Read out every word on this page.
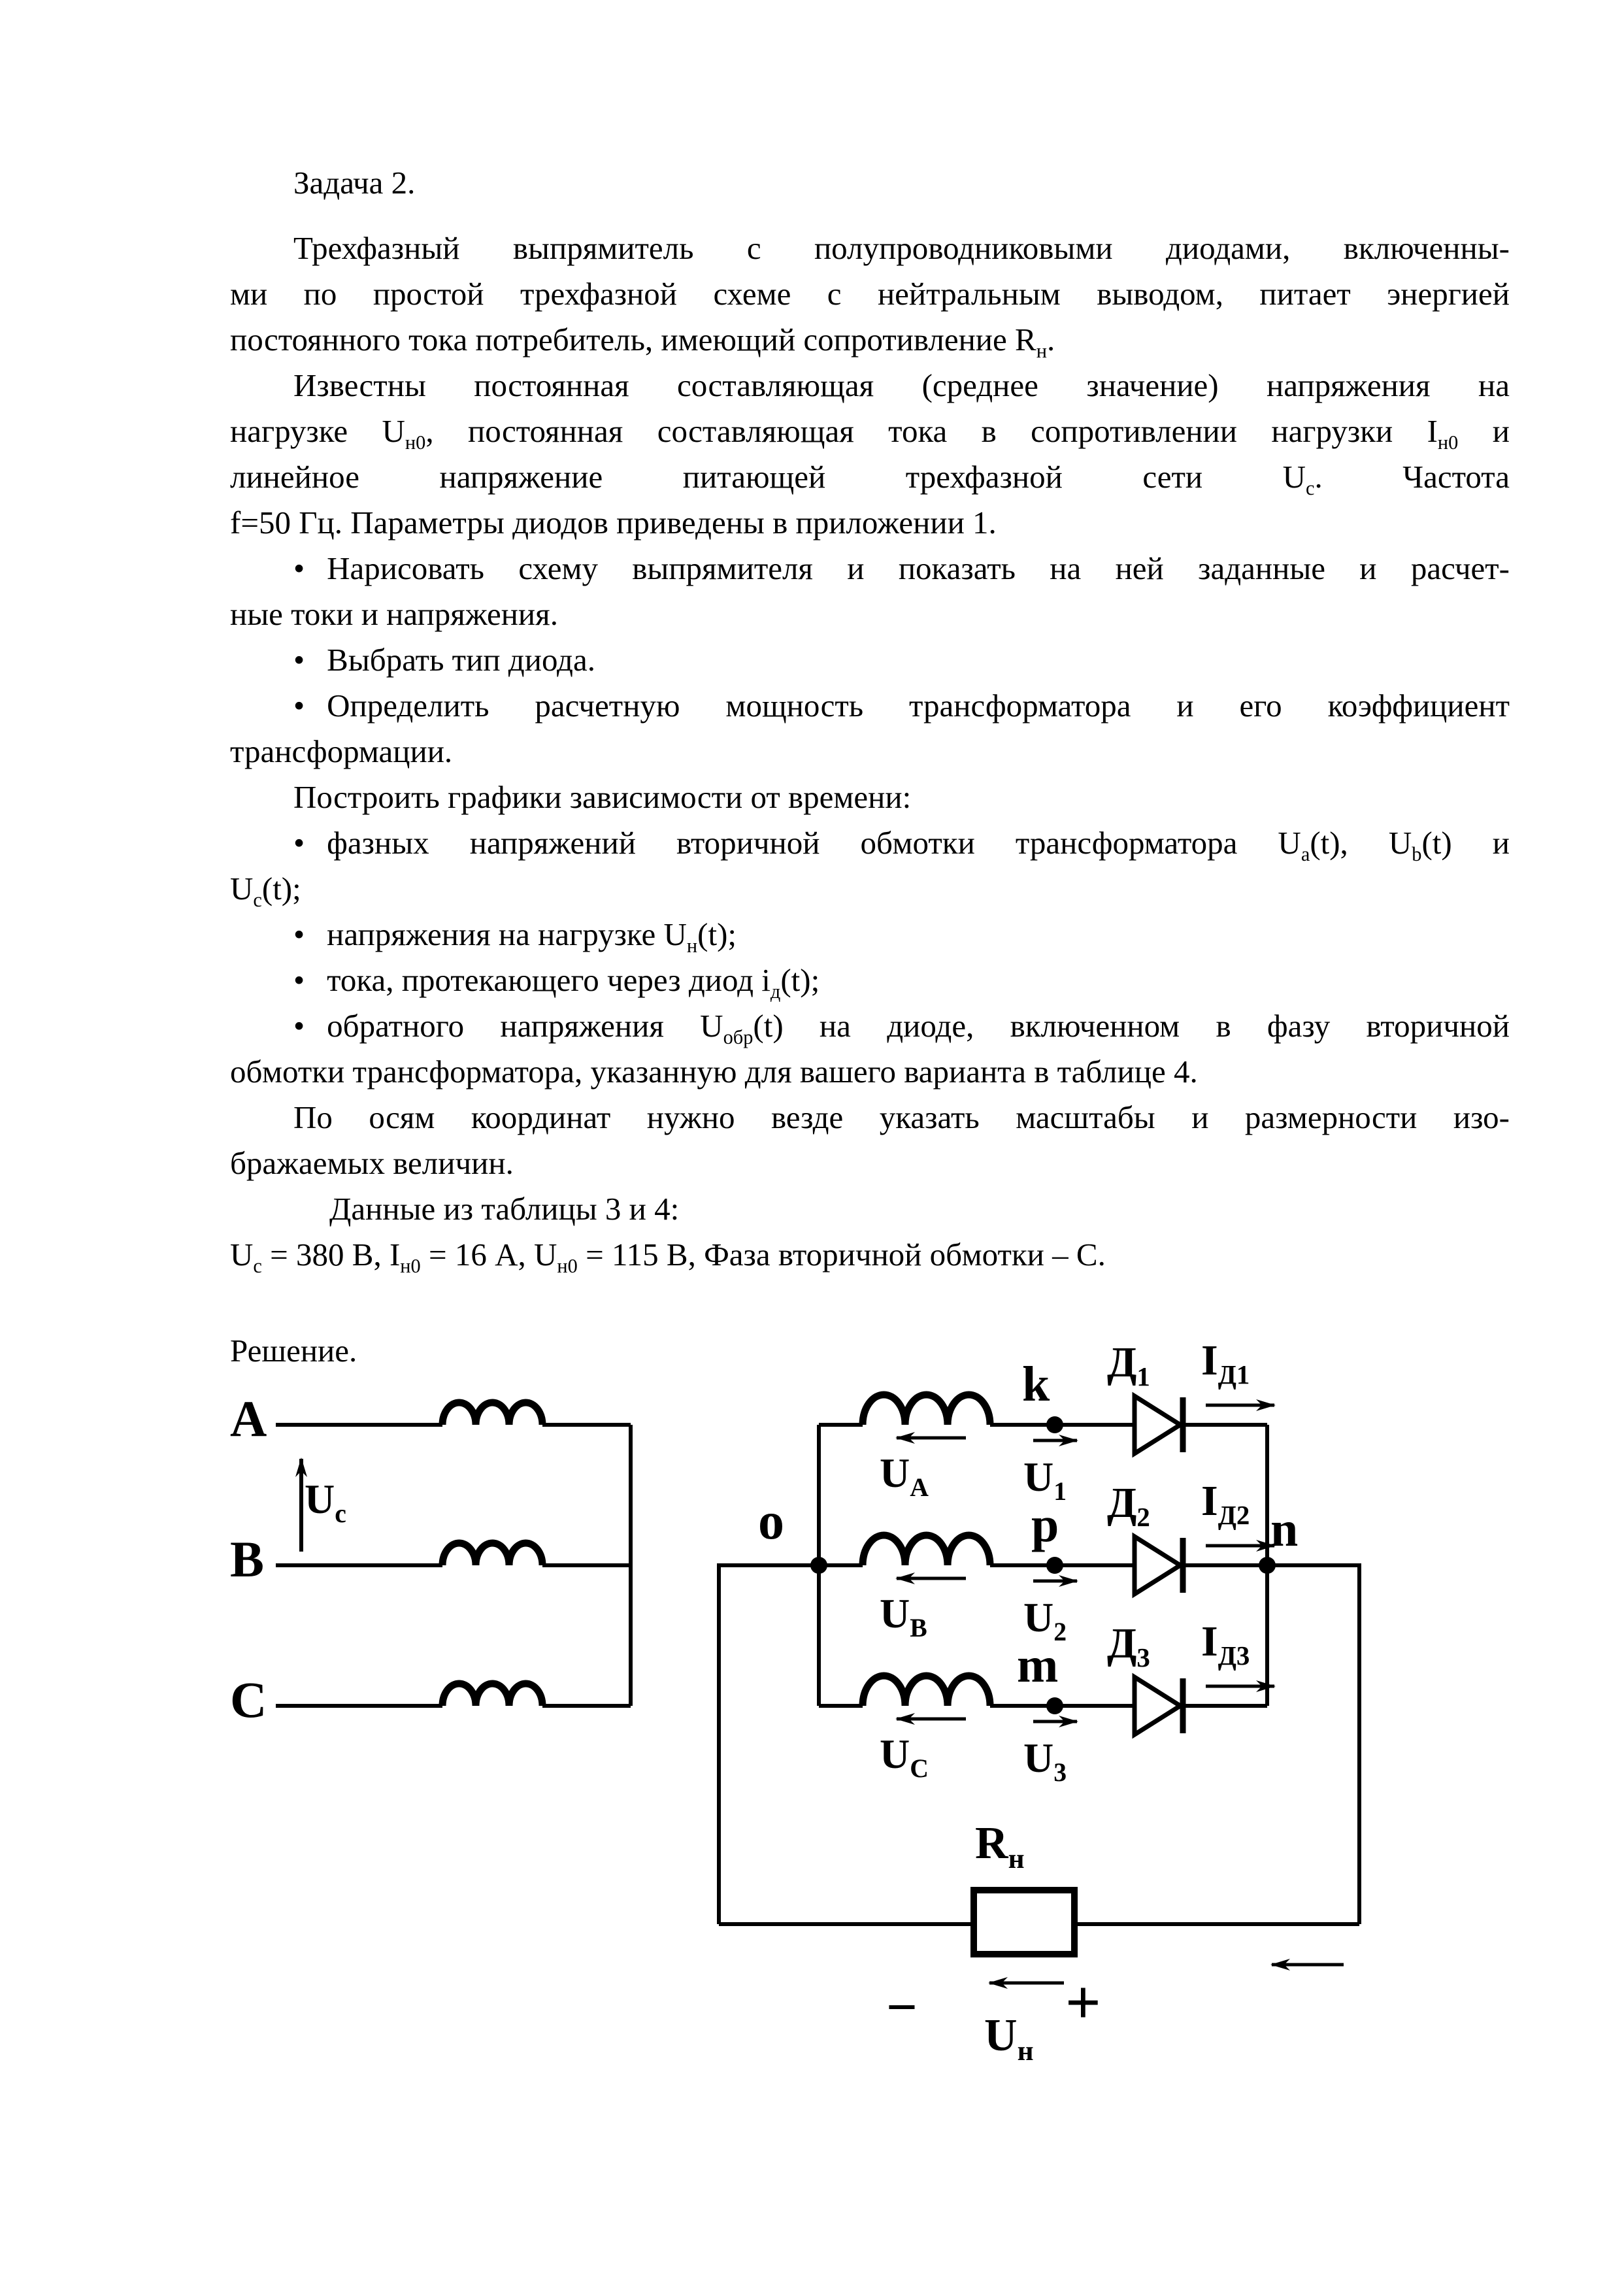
Задача 2.
Трехфазный выпрямитель с полупроводниковыми диодами, включенны-
ми по простой трехфазной схеме с нейтральным выводом, питает энергией
постоянного тока потребитель, имеющий сопротивление $R_н$.
Известны постоянная составляющая (среднее значение) напряжения на
нагрузке $U_{н0}$, постоянная составляющая тока в сопротивлении нагрузки $I_{н0}$ и
линейное напряжение питающей трехфазной сети $U_c$. Частота
f=50 Гц. Параметры диодов приведены в приложении 1.
• Нарисовать схему выпрямителя и показать на ней заданные и расчет-
ные токи и напряжения.
• Выбрать тип диода.
• Определить расчетную мощность трансформатора и его коэффициент
трансформации.
Построить графики зависимости от времени:
• фазных напряжений вторичной обмотки трансформатора $U_a(t)$, $U_b(t)$ и
$U_c(t)$;
• напряжения на нагрузке $U_н(t)$;
• тока, протекающего через диод $i_д(t)$;
• обратного напряжения $U_{обр}(t)$ на диоде, включенном в фазу вторичной
обмотки трансформатора, указанную для вашего варианта в таблице 4.
По осям координат нужно везде указать масштабы и размерности изо-
бражаемых величин.
Данные из таблицы 3 и 4:
$U_c = 380$ В, $I_{н0} = 16$ А, $U_{н0} = 115$ В, Фаза вторичной обмотки – С.
Решение.
A
B
C
$U_c$	o
k
p
m
n
$U_A$
$U_B$
$U_C$
$U_1$
$U_2$
$U_3$
$Д_1$
$Д_2$
$Д_3$
$I_{Д1}$
$I_{Д2}$
$I_{Д3}$
$R_н$
− $U_н$
+
